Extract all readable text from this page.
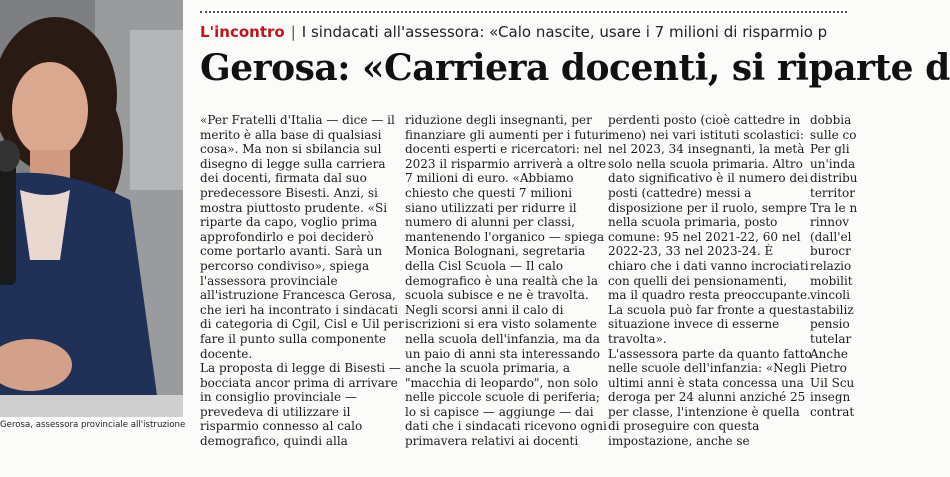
Gerosa, assessora provinciale all'istruzione
L'incontro | I sindacati all'assessora: «Calo nascite, usare i 7 milioni di risparmio p
Gerosa: «Carriera docenti, si riparte d
«Per Fratelli d'Italia — dice — il
merito è alla base di qualsiasi
cosa». Ma non si sbilancia sul
disegno di legge sulla carriera
dei docenti, firmata dal suo
predecessore Bisesti. Anzi, si
mostra piuttosto prudente. «Si
riparte da capo, voglio prima
approfondirlo e poi deciderò
come portarlo avanti. Sarà un
percorso condiviso», spiega
l'assessora provinciale
all'istruzione Francesca Gerosa,
che ieri ha incontrato i sindacati
di categoria di Cgil, Cisl e Uil per
fare il punto sulla componente
docente.
La proposta di legge di Bisesti —
bocciata ancor prima di arrivare
in consiglio provinciale —
prevedeva di utilizzare il
risparmio connesso al calo
demografico, quindi alla
riduzione degli insegnanti, per
finanziare gli aumenti per i futuri
docenti esperti e ricercatori: nel
2023 il risparmio arriverà a oltre
7 milioni di euro. «Abbiamo
chiesto che questi 7 milioni
siano utilizzati per ridurre il
numero di alunni per classi,
mantenendo l'organico — spiega
Monica Bolognani, segretaria
della Cisl Scuola — Il calo
demografico è una realtà che la
scuola subisce e ne è travolta.
Negli scorsi anni il calo di
iscrizioni si era visto solamente
nella scuola dell'infanzia, ma da
un paio di anni sta interessando
anche la scuola primaria, a
"macchia di leopardo", non solo
nelle piccole scuole di periferia;
lo si capisce — aggiunge — dai
dati che i sindacati ricevono ogni
primavera relativi ai docenti
perdenti posto (cioè cattedre in
meno) nei vari istituti scolastici:
nel 2023, 34 insegnanti, la metà
solo nella scuola primaria. Altro
dato significativo è il numero dei
posti (cattedre) messi a
disposizione per il ruolo, sempre
nella scuola primaria, posto
comune: 95 nel 2021-22, 60 nel
2022-23, 33 nel 2023-24. È
chiaro che i dati vanno incrociati
con quelli dei pensionamenti,
ma il quadro resta preoccupante.
La scuola può far fronte a questa
situazione invece di esserne
travolta».
L'assessora parte da quanto fatto
nelle scuole dell'infanzia: «Negli
ultimi anni è stata concessa una
deroga per 24 alunni anziché 25
per classe, l'intenzione è quella
di proseguire con questa
impostazione, anche se
dobbia
sulle co
Per gli
un'inda
distribu
territor
Tra le n
rinnov
(dall'el
burocr
relazio
mobilit
vincoli
stabiliz
pensio
tutelar
Anche
Pietro
Uil Scu
insegn
contrat
